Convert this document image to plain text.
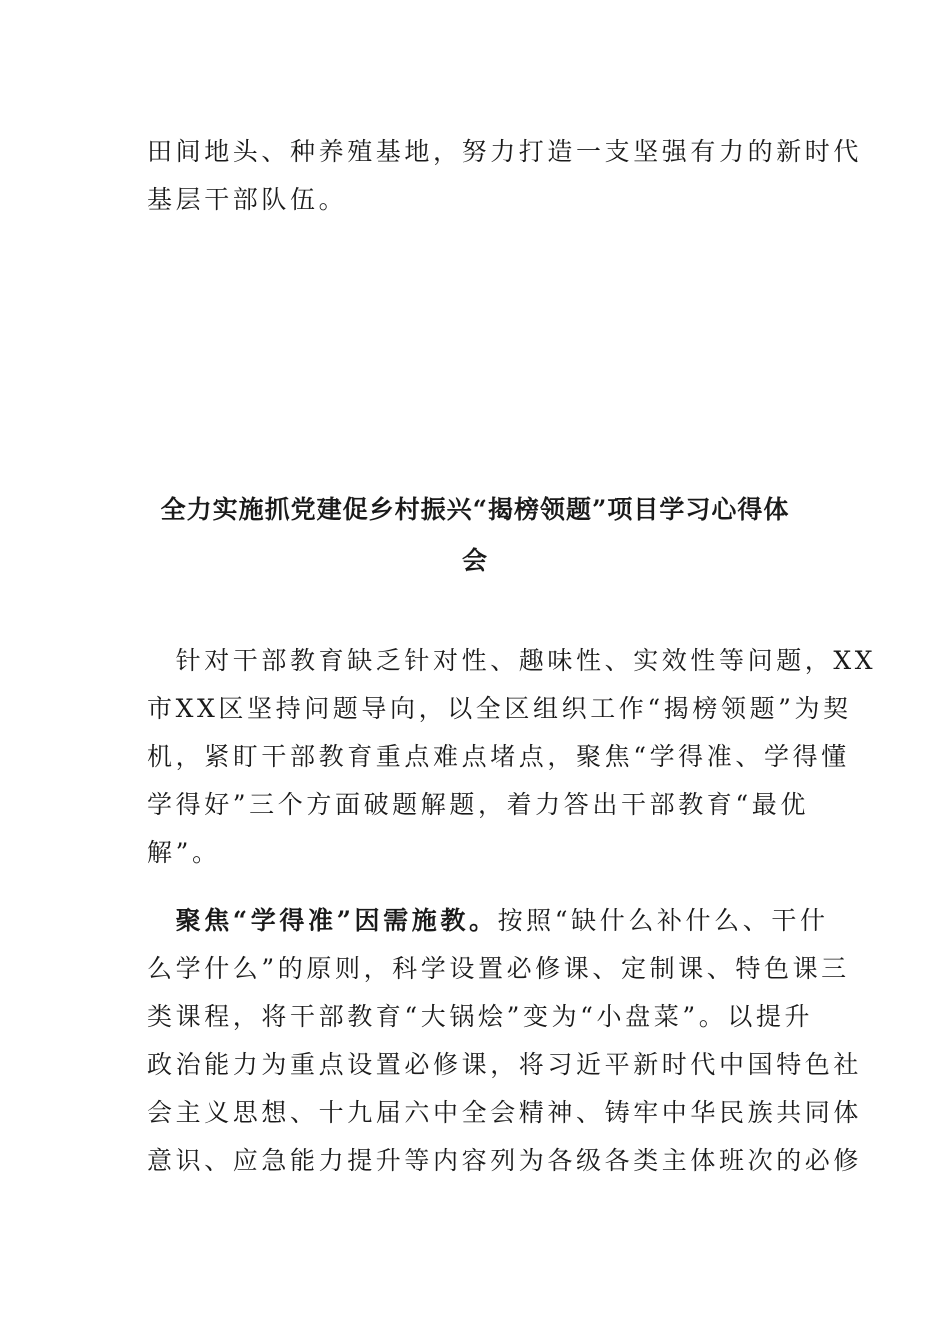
田间地头、种养殖基地，努力打造一支坚强有力的新时代
基层干部队伍。
全力实施抓党建促乡村振兴“揭榜领题”项目学习心得体
会
　针对干部教育缺乏针对性、趣味性、实效性等问题，XX
市XX区坚持问题导向，以全区组织工作“揭榜领题”为契
机，紧盯干部教育重点难点堵点，聚焦“学得准、学得懂
学得好”三个方面破题解题，着力答出干部教育“最优
解”。
　聚焦“学得准”因需施教。按照“缺什么补什么、干什
么学什么”的原则，科学设置必修课、定制课、特色课三
类课程，将干部教育“大锅烩”变为“小盘菜”。以提升
政治能力为重点设置必修课，将习近平新时代中国特色社
会主义思想、十九届六中全会精神、铸牢中华民族共同体
意识、应急能力提升等内容列为各级各类主体班次的必修
